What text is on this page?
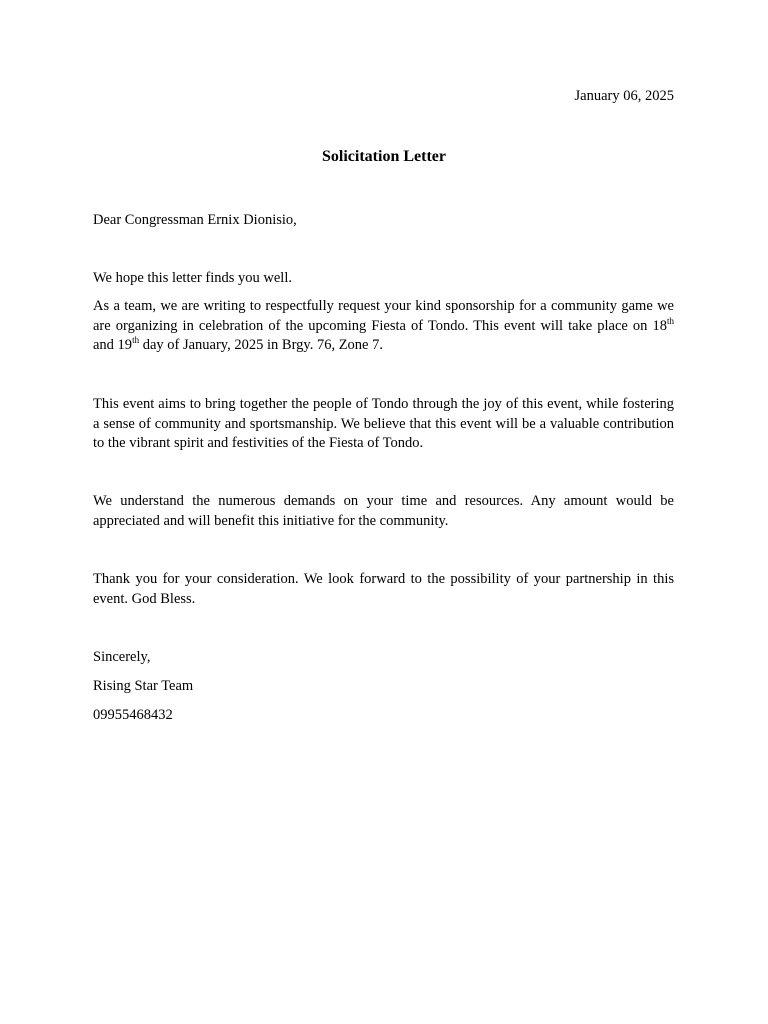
January 06, 2025
Solicitation Letter
Dear Congressman Ernix Dionisio,
We hope this letter finds you well.
As a team, we are writing to respectfully request your kind sponsorship for a community game we are organizing in celebration of the upcoming Fiesta of Tondo. This event will take place on 18th and 19th day of January, 2025 in Brgy. 76, Zone 7.
This event aims to bring together the people of Tondo through the joy of this event, while fostering a sense of community and sportsmanship. We believe that this event will be a valuable contribution to the vibrant spirit and festivities of the Fiesta of Tondo.
We understand the numerous demands on your time and resources. Any amount would be appreciated and will benefit this initiative for the community.
Thank you for your consideration. We look forward to the possibility of your partnership in this event. God Bless.
Sincerely,
Rising Star Team
09955468432
